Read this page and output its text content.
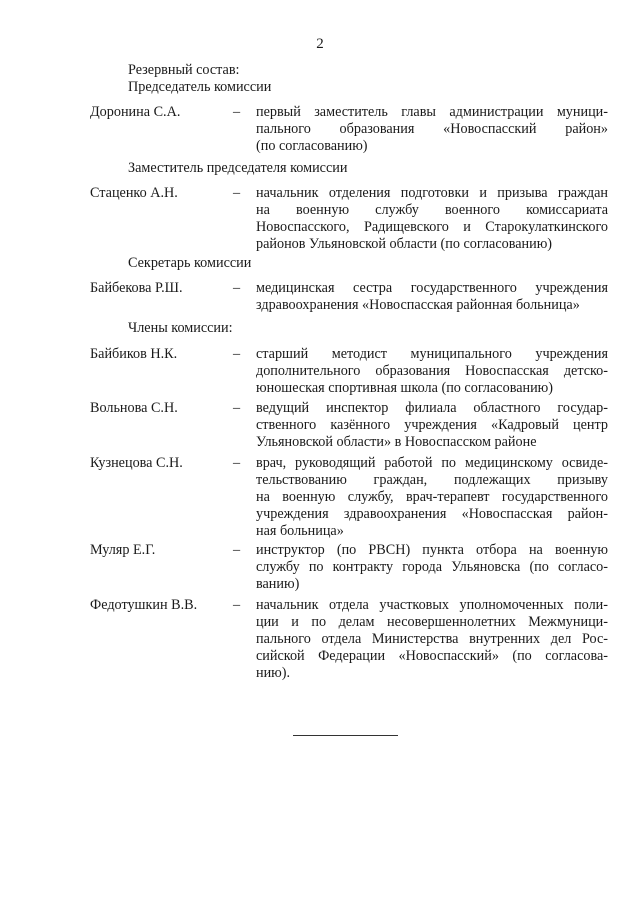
2
Резервный состав:
Председатель комиссии
Доронина С.А.	– первый заместитель главы администрации муници-
пального образования «Новоспасский район»
(по согласованию)
Заместитель председателя комиссии
Стаценко А.Н.	– начальник отделения подготовки и призыва граждан
на военную службу военного комиссариата
Новоспасского, Радищевского и Старокулаткинского
районов Ульяновской области (по согласованию)
Секретарь комиссии
Байбекова Р.Ш.	– медицинская сестра государственного учреждения
здравоохранения «Новоспасская районная больница»
Члены комиссии:
Байбиков Н.К.	– старший методист муниципального учреждения
дополнительного образования Новоспасская детско-
юношеская спортивная школа (по согласованию)
Вольнова С.Н.	– ведущий инспектор филиала областного государ-
ственного казённого учреждения «Кадровый центр
Ульяновской области» в Новоспасском районе
Кузнецова С.Н.	– врач, руководящий работой по медицинскому освиде-
тельствованию граждан, подлежащих призыву
на военную службу, врач-терапевт государственного
учреждения здравоохранения «Новоспасская район-
ная больница»
Муляр Е.Г.	– инструктор (по РВСН) пункта отбора на военную
службу по контракту города Ульяновска (по согласо-
ванию)
Федотушкин В.В.	– начальник отдела участковых уполномоченных поли-
ции и по делам несовершеннолетних Межмуници-
пального отдела Министерства внутренних дел Рос-
сийской Федерации «Новоспасский» (по согласова-
нию).
